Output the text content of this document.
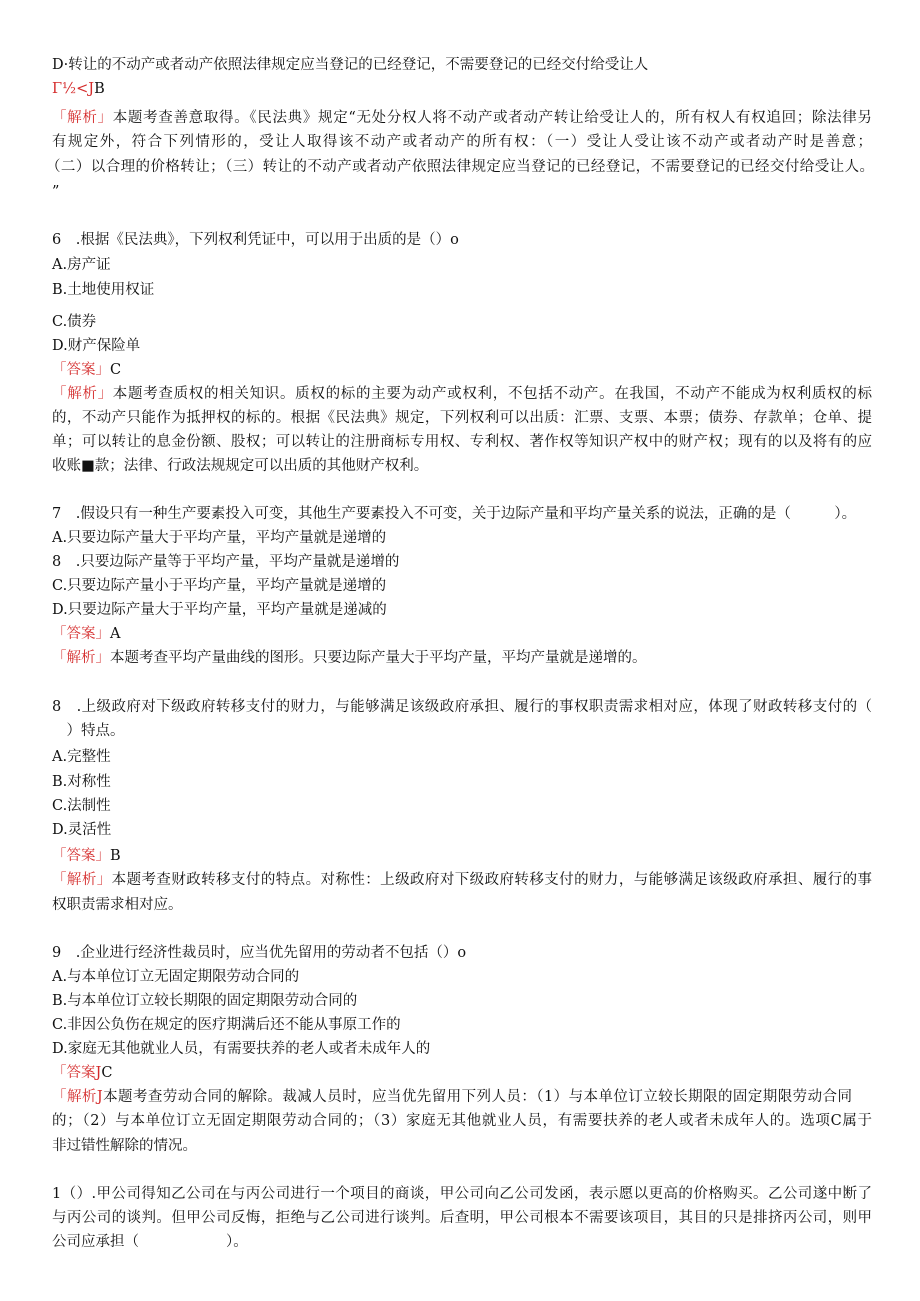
D·转让的不动产或者动产依照法律规定应当登记的已经登记，不需要登记的已经交付给受让人
Γ½<JB
「解析」本题考查善意取得。《民法典》规定“无处分权人将不动产或者动产转让给受让人的，所有权人有权追回；除法律另
有规定外，符合下列情形的，受让人取得该不动产或者动产的所有权：（一）受让人受让该不动产或者动产时是善意；
（二）以合理的价格转让；（三）转让的不动产或者动产依照法律规定应当登记的已经登记，不需要登记的已经交付给受让人。
”
6　.根据《民法典》，下列权利凭证中，可以用于出质的是（）o
A.房产证
B.土地使用权证
C.债券
D.财产保险单
「答案」C
「解析」本题考查质权的相关知识。质权的标的主要为动产或权利，不包括不动产。在我国，不动产不能成为权利质权的标
的，不动产只能作为抵押权的标的。根据《民法典》规定，下列权利可以出质：汇票、支票、本票；债券、存款单；仓单、提
单；可以转让的息金份额、股权；可以转让的注册商标专用权、专利权、著作权等知识产权中的财产权；现有的以及将有的应
收账■款；法律、行政法规规定可以出质的其他财产权利。
7　.假设只有一种生产要素投入可变，其他生产要素投入不可变，关于边际产量和平均产量关系的说法，正确的是（　　　）。
A.只要边际产量大于平均产量，平均产量就是递增的
8　.只要边际产量等于平均产量，平均产量就是递增的
C.只要边际产量小于平均产量，平均产量就是递增的
D.只要边际产量大于平均产量，平均产量就是递减的
「答案」A
「解析」本题考查平均产量曲线的图形。只要边际产量大于平均产量，平均产量就是递增的。
8　.上级政府对下级政府转移支付的财力，与能够满足该级政府承担、履行的事权职责需求相对应，体现了财政转移支付的（
　）特点。
A.完整性
B.对称性
C.法制性
D.灵活性
「答案」B
「解析」本题考查财政转移支付的特点。对称性：上级政府对下级政府转移支付的财力，与能够满足该级政府承担、履行的事
权职责需求相对应。
9　.企业进行经济性裁员时，应当优先留用的劳动者不包括（）o
A.与本单位订立无固定期限劳动合同的
B.与本单位订立较长期限的固定期限劳动合同的
C.非因公负伤在规定的医疗期满后还不能从事原工作的
D.家庭无其他就业人员，有需要扶养的老人或者未成年人的
「答案JC
「解析J本题考查劳动合同的解除。裁减人员时，应当优先留用下列人员：（1）与本单位订立较长期限的固定期限劳动合同
的；（2）与本单位订立无固定期限劳动合同的；（3）家庭无其他就业人员，有需要扶养的老人或者未成年人的。选项C属于
非过错性解除的情况。
1（）.甲公司得知乙公司在与丙公司进行一个项目的商谈，甲公司向乙公司发函，表示愿以更高的价格购买。乙公司遂中断了
与丙公司的谈判。但甲公司反悔，拒绝与乙公司进行谈判。后查明，甲公司根本不需要该项目，其目的只是排挤丙公司，则甲
公司应承担（　　　　　　）。
